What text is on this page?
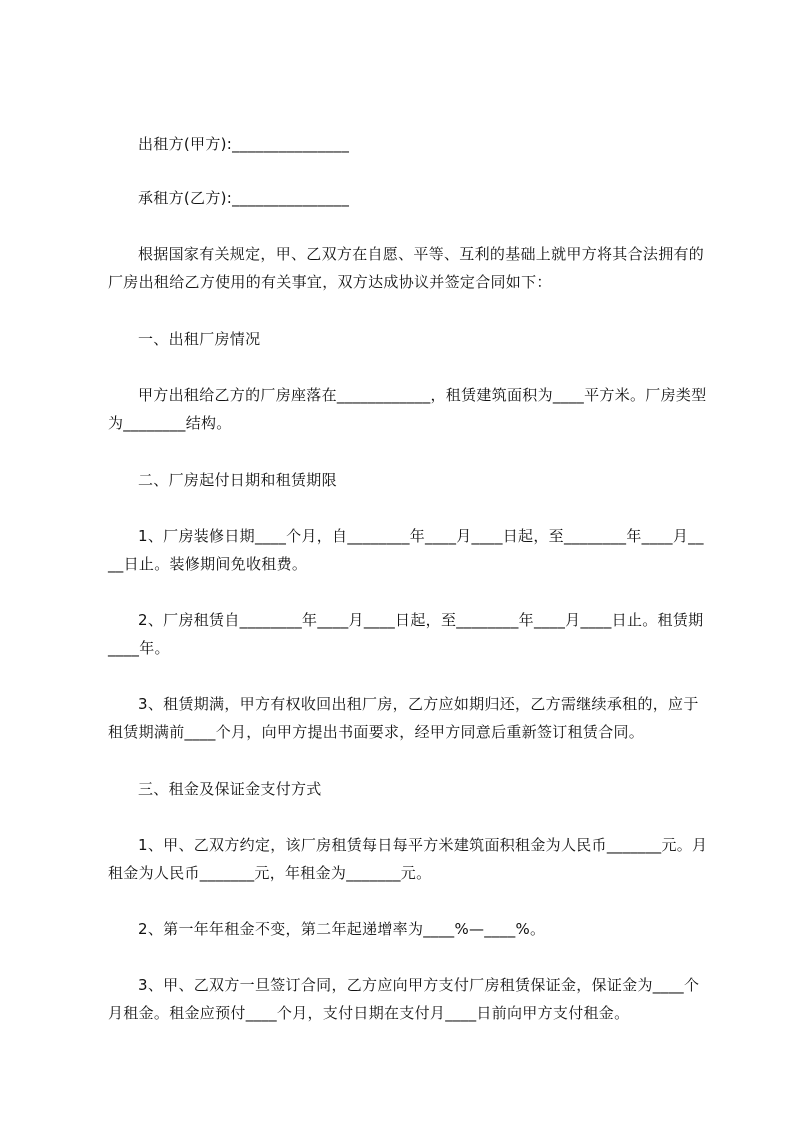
出租方(甲方):_______________

承租方(乙方):_______________

根据国家有关规定，甲、乙双方在自愿、平等、互利的基础上就甲方将其合法拥有的厂房出租给乙方使用的有关事宜，双方达成协议并签定合同如下：

一、出租厂房情况

甲方出租给乙方的厂房座落在____________，租赁建筑面积为____平方米。厂房类型为________结构。

二、厂房起付日期和租赁期限

1、厂房装修日期____个月，自________年____月____日起，至________年____月____日止。装修期间免收租费。

2、厂房租赁自________年____月____日起，至________年____月____日止。租赁期____年。

3、租赁期满，甲方有权收回出租厂房，乙方应如期归还，乙方需继续承租的，应于租赁期满前____个月，向甲方提出书面要求，经甲方同意后重新签订租赁合同。

三、租金及保证金支付方式

1、甲、乙双方约定，该厂房租赁每日每平方米建筑面积租金为人民币_______元。月租金为人民币_______元，年租金为_______元。

2、第一年年租金不变，第二年起递增率为____%—____%。

3、甲、乙双方一旦签订合同，乙方应向甲方支付厂房租赁保证金，保证金为____个月租金。租金应预付____个月，支付日期在支付月____日前向甲方支付租金。
